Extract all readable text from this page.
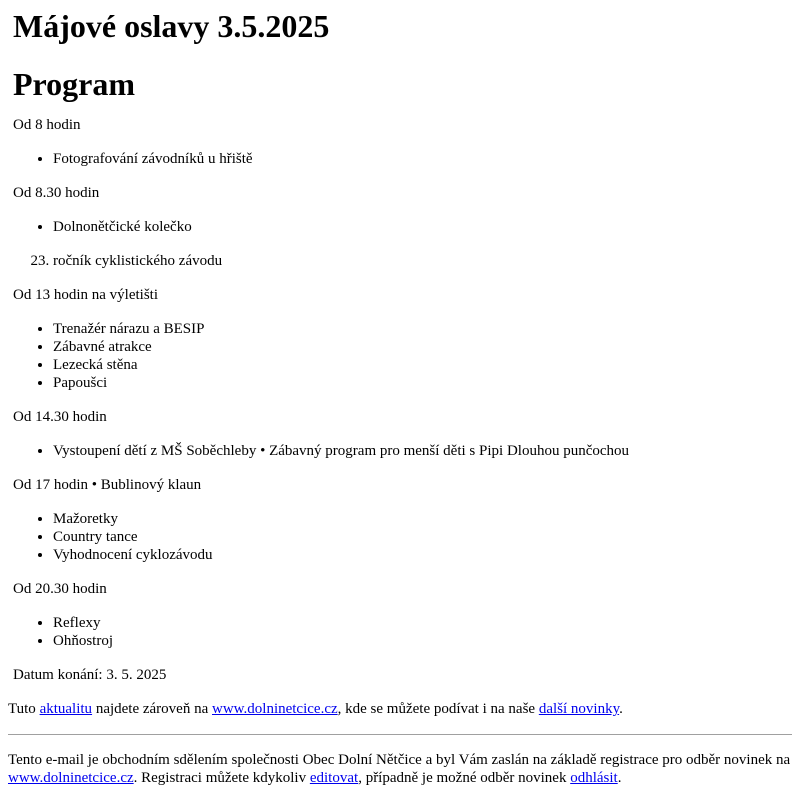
Májové oslavy 3.5.2025
Program

Od 8 hodin

• Fotografování závodníků u hřiště

Od 8.30 hodin

• Dolnonětčické kolečko
23. ročník cyklistického závodu

Od 13 hodin na výletišti

• Trenažér nárazu a BESIP
• Zábavné atrakce
• Lezecká stěna
• Papoušci

Od 14.30 hodin

• Vystoupení dětí z MŠ Soběchleby • Zábavný program pro menší děti s Pipi Dlouhou punčochou

Od 17 hodin • Bublinový klaun

• Mažoretky
• Country tance
• Vyhodnocení cyklozávodu

Od 20.30 hodin

• Reflexy
• Ohňostroj

Datum konání: 3. 5. 2025

Tuto aktualitu najdete zároveň na www.dolninetcice.cz, kde se můžete podívat i na naše další novinky.

Tento e-mail je obchodním sdělením společnosti Obec Dolní Nětčice a byl Vám zaslán na základě registrace pro odběr novinek na www.dolninetcice.cz. Registraci můžete kdykoliv editovat, případně je možné odběr novinek odhlásit.
